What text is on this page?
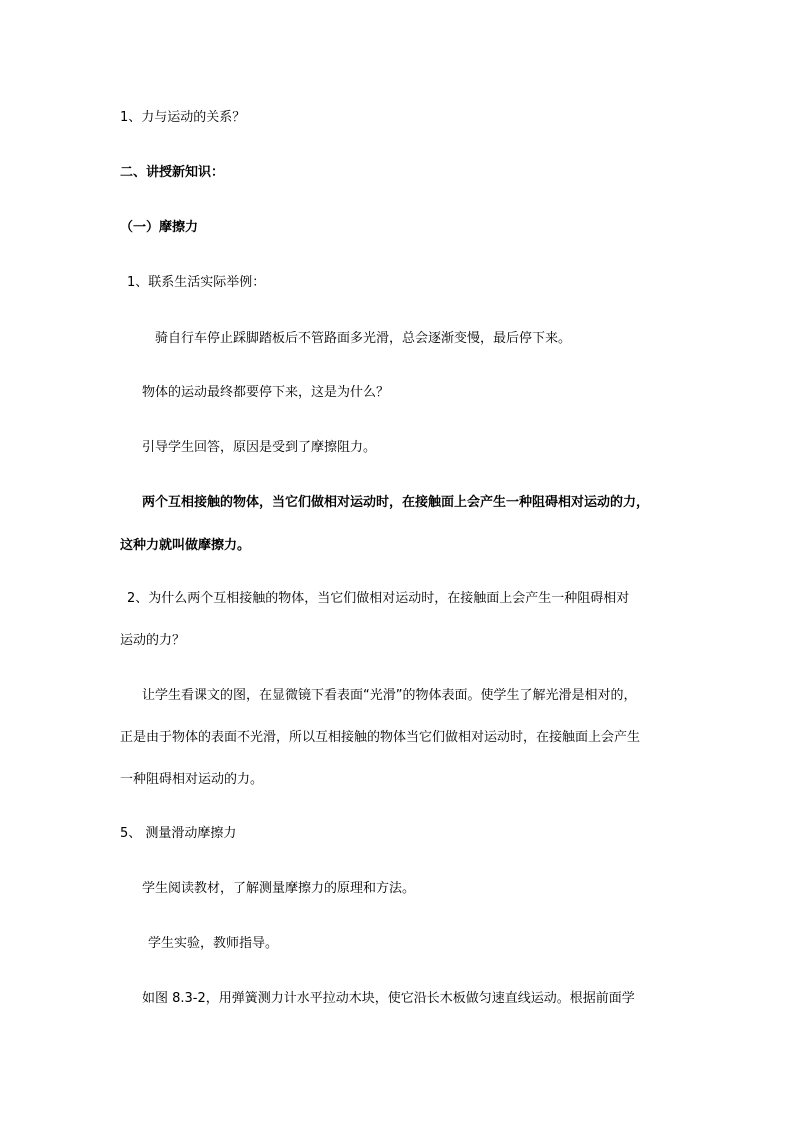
1、力与运动的关系？

二、讲授新知识：

（一）摩擦力

1、联系生活实际举例：

骑自行车停止踩脚踏板后不管路面多光滑，总会逐渐变慢，最后停下来。

物体的运动最终都要停下来，这是为什么？

引导学生回答，原因是受到了摩擦阻力。

两个互相接触的物体，当它们做相对运动时，在接触面上会产生一种阻碍相对运动的力，

这种力就叫做摩擦力。

2、为什么两个互相接触的物体，当它们做相对运动时，在接触面上会产生一种阻碍相对

运动的力？

让学生看课文的图，在显微镜下看表面“光滑”的物体表面。使学生了解光滑是相对的，

正是由于物体的表面不光滑，所以互相接触的物体当它们做相对运动时，在接触面上会产生

一种阻碍相对运动的力。

5、 测量滑动摩擦力

学生阅读教材，了解测量摩擦力的原理和方法。

学生实验，教师指导。

如图 8.3-2，用弹簧测力计水平拉动木块，使它沿长木板做匀速直线运动。根据前面学
